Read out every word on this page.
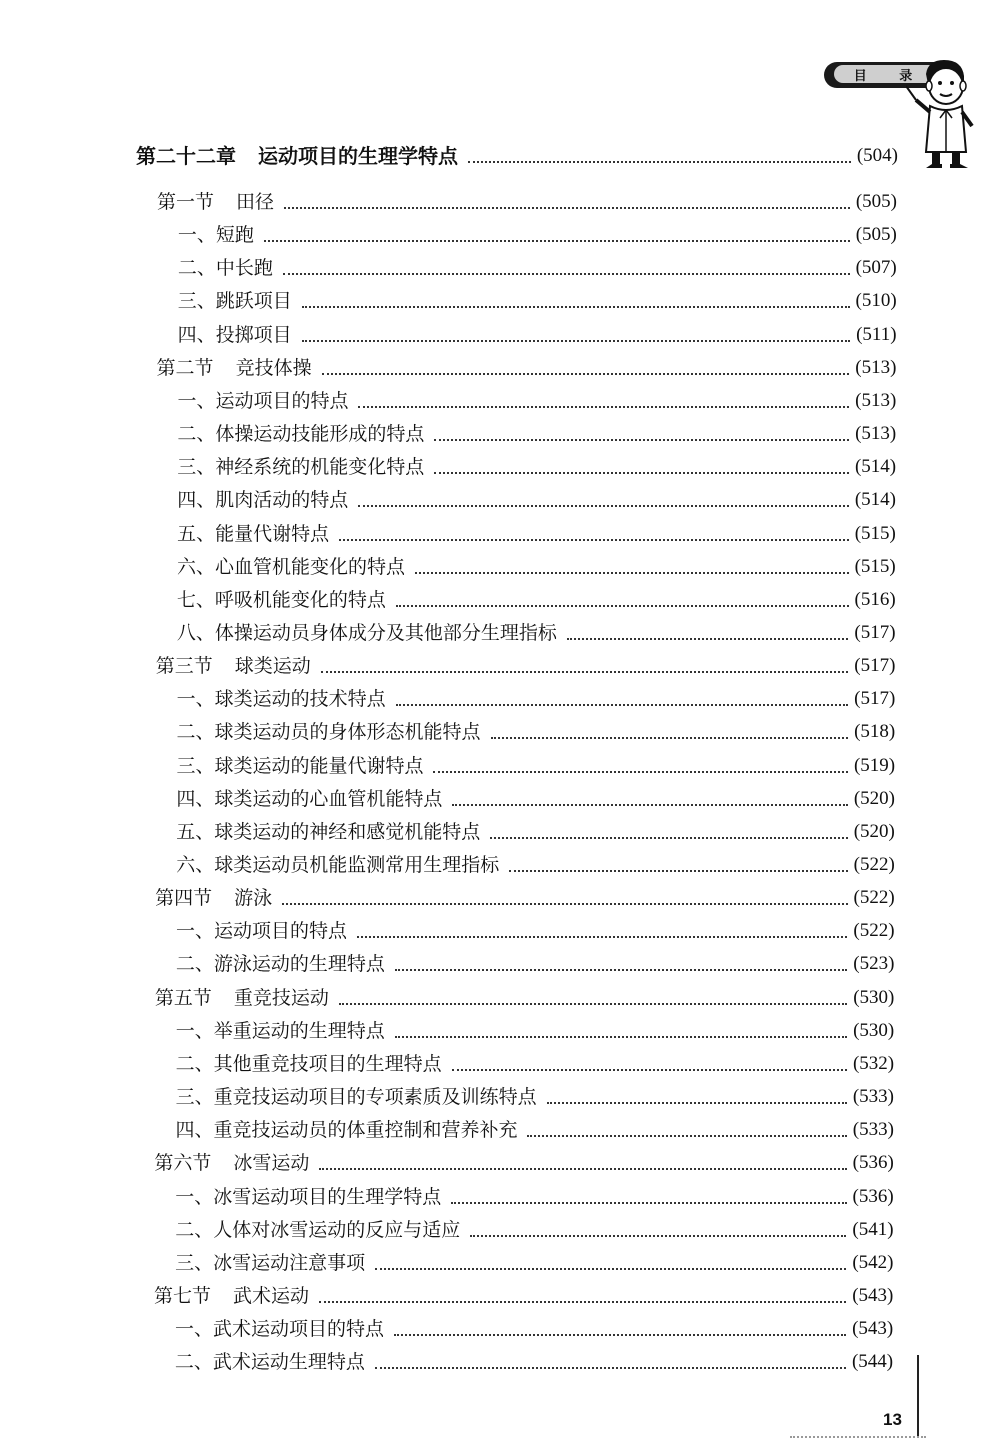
目 录
第二十二章 运动项目的生理学特点	(504)
第一节 田径	(505)
一、短跑	(505)
二、中长跑	(507)
三、跳跃项目	(510)
四、投掷项目	(511)
第二节 竞技体操	(513)
一、运动项目的特点	(513)
二、体操运动技能形成的特点	(513)
三、神经系统的机能变化特点	(514)
四、肌肉活动的特点	(514)
五、能量代谢特点	(515)
六、心血管机能变化的特点	(515)
七、呼吸机能变化的特点	(516)
八、体操运动员身体成分及其他部分生理指标	(517)
第三节 球类运动	(517)
一、球类运动的技术特点	(517)
二、球类运动员的身体形态机能特点	(518)
三、球类运动的能量代谢特点	(519)
四、球类运动的心血管机能特点	(520)
五、球类运动的神经和感觉机能特点	(520)
六、球类运动员机能监测常用生理指标	(522)
第四节 游泳	(522)
一、运动项目的特点	(522)
二、游泳运动的生理特点	(523)
第五节 重竞技运动	(530)
一、举重运动的生理特点	(530)
二、其他重竞技项目的生理特点	(532)
三、重竞技运动项目的专项素质及训练特点	(533)
四、重竞技运动员的体重控制和营养补充	(533)
第六节 冰雪运动	(536)
一、冰雪运动项目的生理学特点	(536)
二、人体对冰雪运动的反应与适应	(541)
三、冰雪运动注意事项	(542)
第七节 武术运动	(543)
一、武术运动项目的特点	(543)
二、武术运动生理特点	(544)
13
